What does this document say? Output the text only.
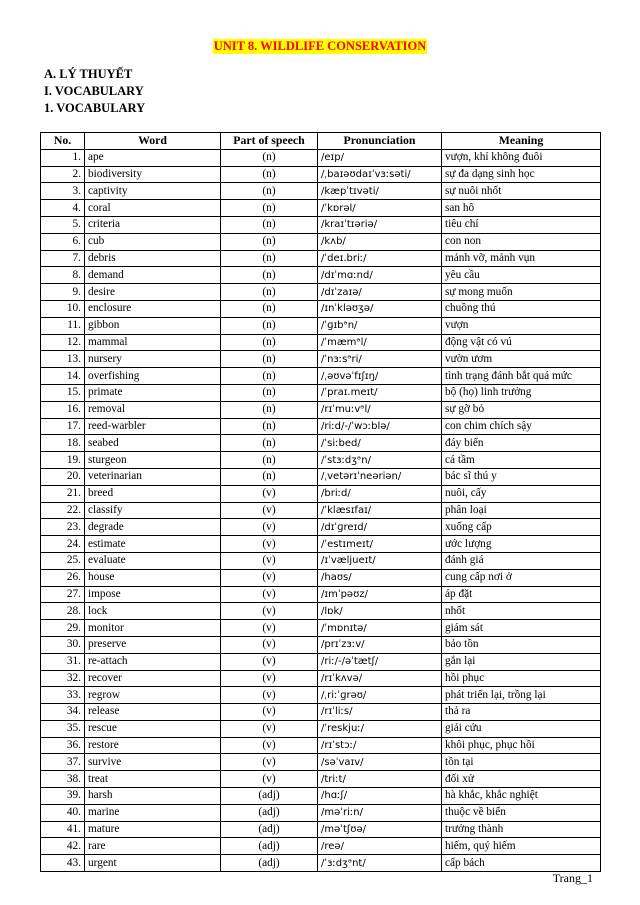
UNIT 8. WILDLIFE CONSERVATION
A. LÝ THUYẾT
I. VOCABULARY
1. VOCABULARY
No.	Word	Part of speech	Pronunciation	Meaning
1.	ape	(n)	/eɪp/	vượn, khỉ không đuôi
2.	biodiversity	(n)	/ˌbaɪəʊdaɪˈvɜːsəti/	sự đa dạng sinh học
3.	captivity	(n)	/kæpˈtɪvəti/	sự nuôi nhốt
4.	coral	(n)	/ˈkɒrəl/	san hô
5.	criteria	(n)	/kraɪˈtɪəriə/	tiêu chí
6.	cub	(n)	/kʌb/	con non
7.	debris	(n)	/ˈdeɪ.briː/	mảnh vỡ, mảnh vụn
8.	demand	(n)	/dɪˈmɑːnd/	yêu cầu
9.	desire	(n)	/dɪˈzaɪə/	sự mong muốn
10.	enclosure	(n)	/ɪnˈkləʊʒə/	chuồng thú
11.	gibbon	(n)	/ˈɡɪbᵊn/	vượn
12.	mammal	(n)	/ˈmæmᵊl/	động vật có vú
13.	nursery	(n)	/ˈnɜːsᵊri/	vườn ươm
14.	overfishing	(n)	/ˌəʊvəˈfɪʃɪŋ/	tình trạng đánh bắt quá mức
15.	primate	(n)	/ˈpraɪ.meɪt/	bộ (họ) linh trưởng
16.	removal	(n)	/rɪˈmuːvᵊl/	sự gỡ bỏ
17.	reed-warbler	(n)	/riːd/-/ˈwɔːblə/	con chim chích sậy
18.	seabed	(n)	/ˈsiːbed/	đáy biển
19.	sturgeon	(n)	/ˈstɜːdʒᵊn/	cá tầm
20.	veterinarian	(n)	/ˌvetərɪˈneəriən/	bác sĩ thú y
21.	breed	(v)	/briːd/	nuôi, cấy
22.	classify	(v)	/ˈklæsɪfaɪ/	phân loại
23.	degrade	(v)	/dɪˈɡreɪd/	xuống cấp
24.	estimate	(v)	/ˈestɪmeɪt/	ước lượng
25.	evaluate	(v)	/ɪˈvæljueɪt/	đánh giá
26.	house	(v)	/haʊs/	cung cấp nơi ở
27.	impose	(v)	/ɪmˈpəʊz/	áp đặt
28.	lock	(v)	/lɒk/	nhốt
29.	monitor	(v)	/ˈmɒnɪtə/	giám sát
30.	preserve	(v)	/prɪˈzɜːv/	bảo tồn
31.	re-attach	(v)	/riː/-/əˈtætʃ/	gắn lại
32.	recover	(v)	/rɪˈkʌvə/	hồi phục
33.	regrow	(v)	/ˌriːˈɡrəʊ/	phát triển lại, trồng lại
34.	release	(v)	/rɪˈliːs/	thả ra
35.	rescue	(v)	/ˈreskjuː/	giải cứu
36.	restore	(v)	/rɪˈstɔː/	khôi phục, phục hồi
37.	survive	(v)	/səˈvaɪv/	tồn tại
38.	treat	(v)	/triːt/	đối xử
39.	harsh	(adj)	/hɑːʃ/	hà khắc, khắc nghiệt
40.	marine	(adj)	/məˈriːn/	thuộc về biển
41.	mature	(adj)	/məˈtʃʊə/	trưởng thành
42.	rare	(adj)	/reə/	hiếm, quý hiếm
43.	urgent	(adj)	/ˈɜːdʒᵊnt/	cấp bách
Trang_1
